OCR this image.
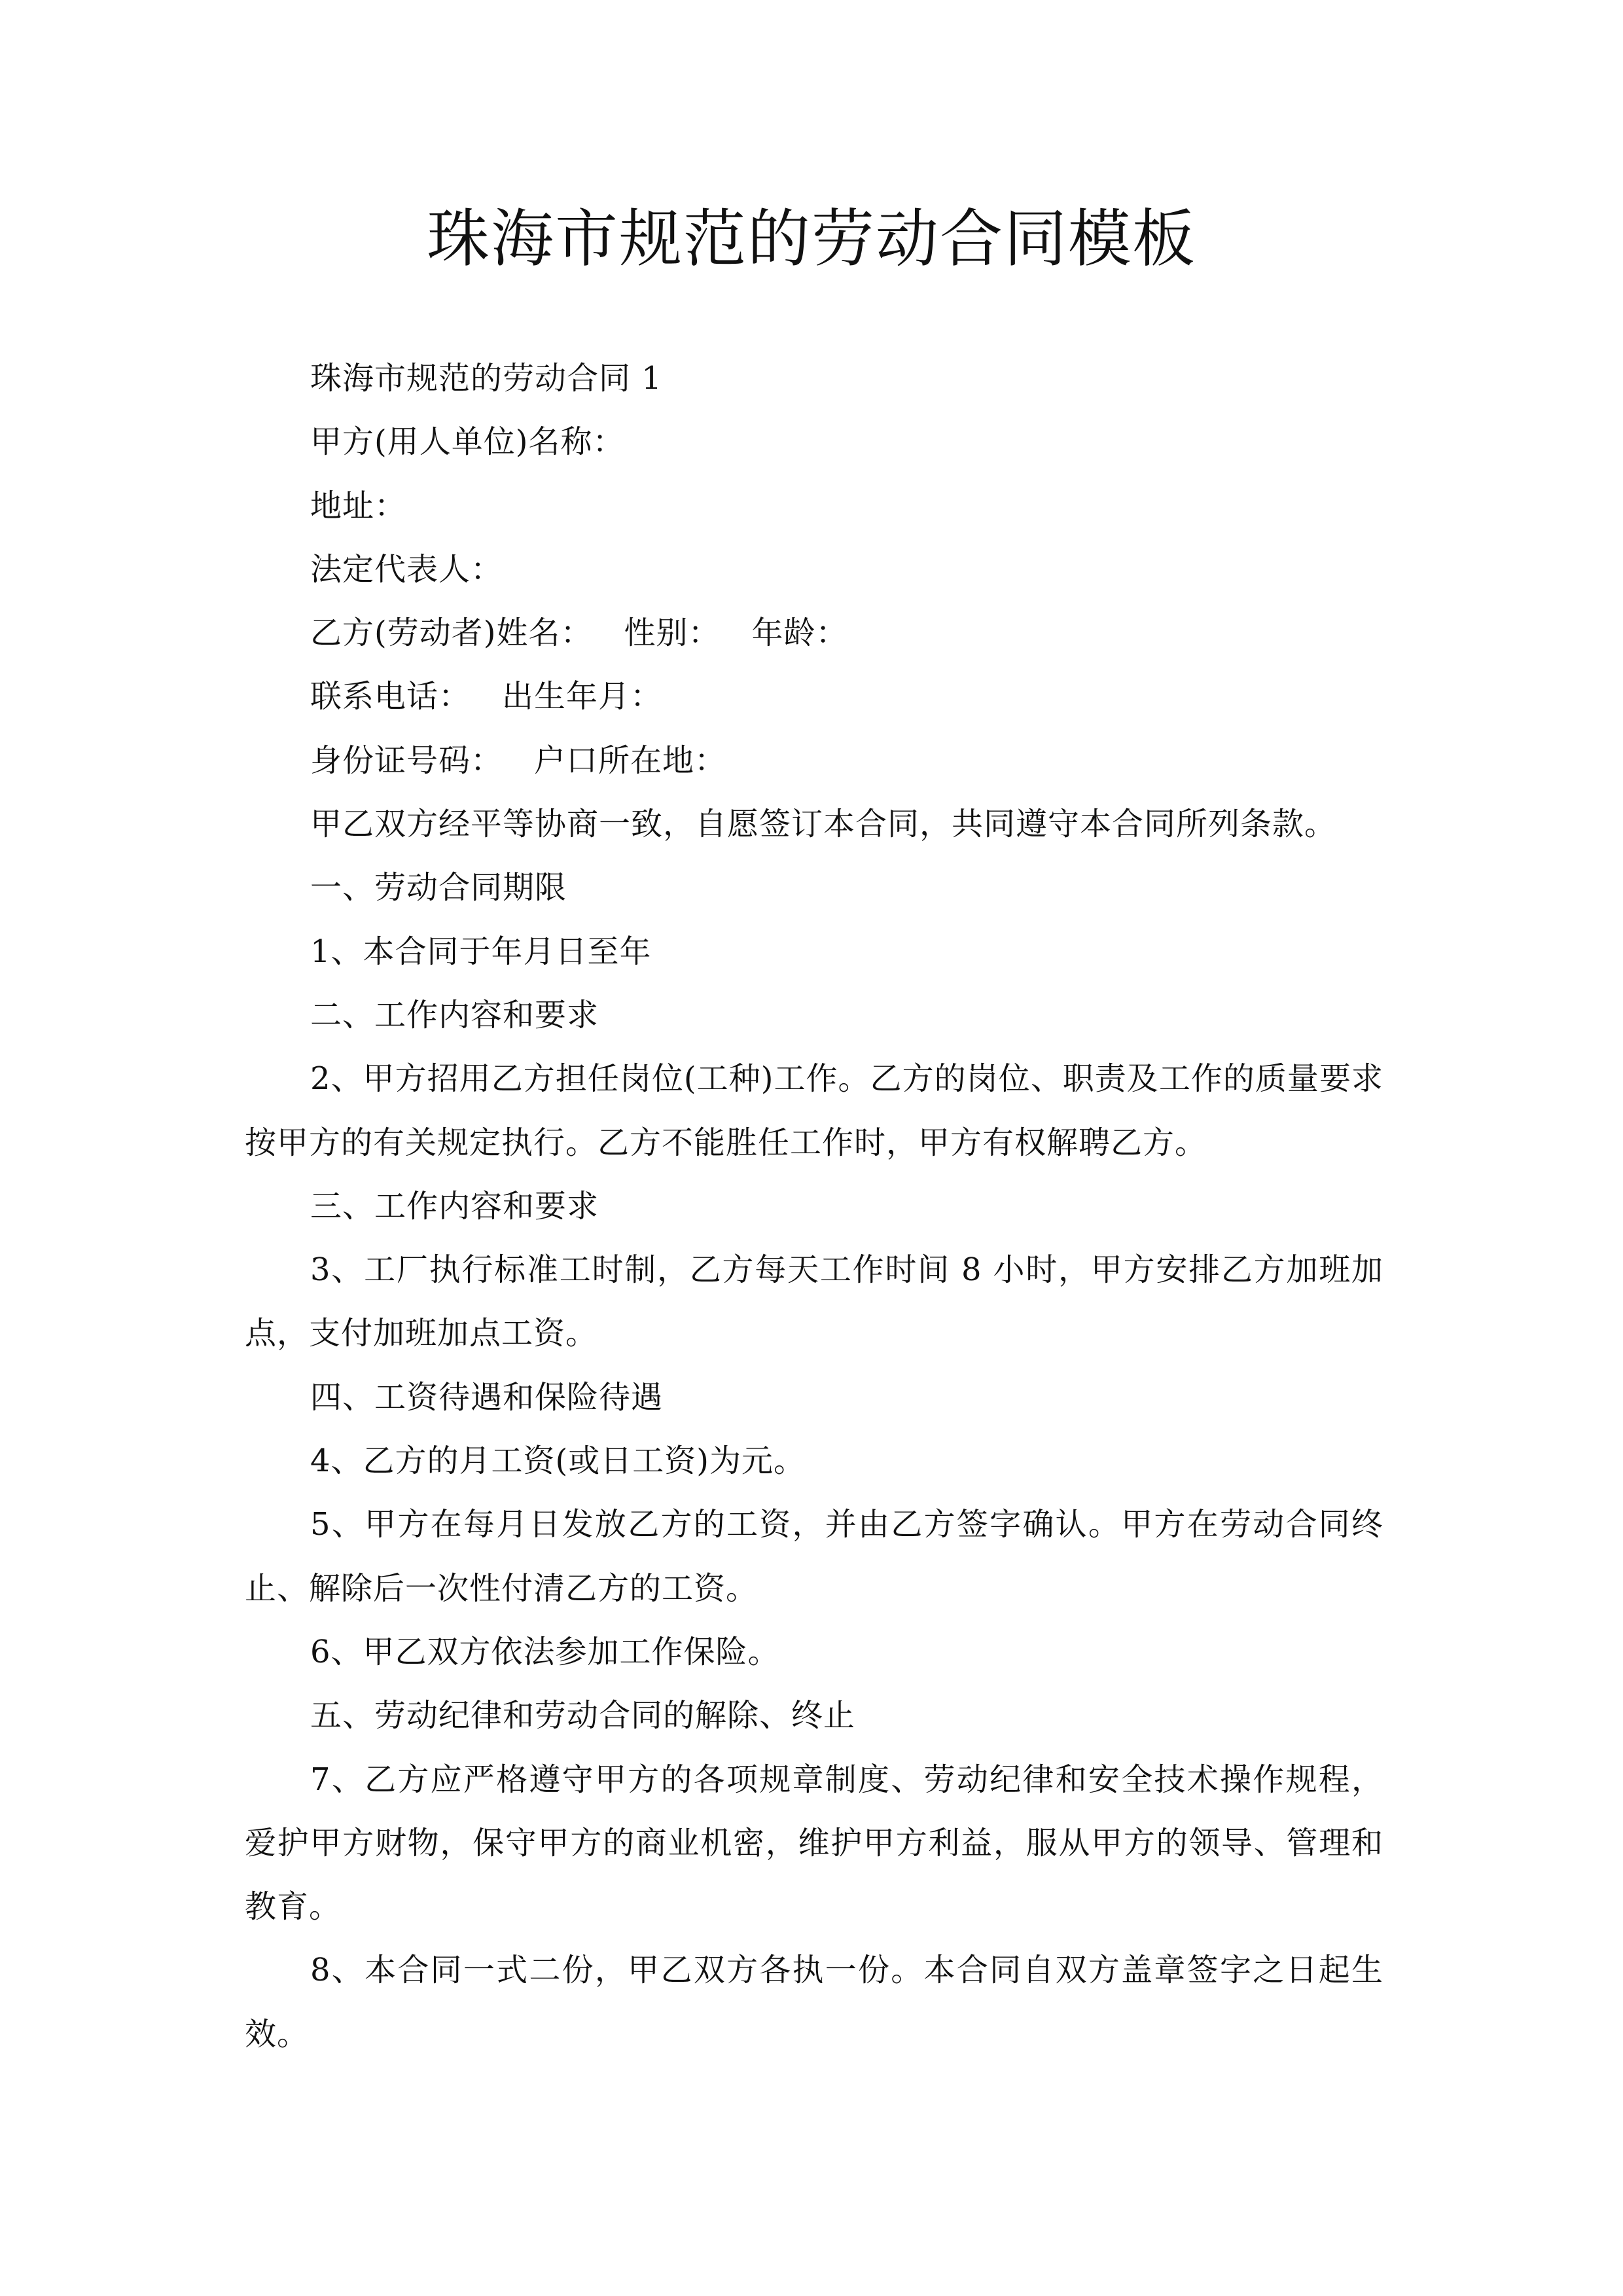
珠海市规范的劳动合同模板

珠海市规范的劳动合同 1

甲方(用人单位)名称：

地址：

法定代表人：

乙方(劳动者)姓名： 性别： 年龄：

联系电话： 出生年月：

身份证号码： 户口所在地：

甲乙双方经平等协商一致，自愿签订本合同，共同遵守本合同所列条款。

一、劳动合同期限

1、本合同于年月日至年

二、工作内容和要求

2、甲方招用乙方担任岗位(工种)工作。乙方的岗位、职责及工作的质量要求按甲方的有关规定执行。乙方不能胜任工作时，甲方有权解聘乙方。

三、工作内容和要求

3、工厂执行标准工时制，乙方每天工作时间 8 小时，甲方安排乙方加班加点，支付加班加点工资。

四、工资待遇和保险待遇

4、乙方的月工资(或日工资)为元。

5、甲方在每月日发放乙方的工资，并由乙方签字确认。甲方在劳动合同终止、解除后一次性付清乙方的工资。

6、甲乙双方依法参加工作保险。

五、劳动纪律和劳动合同的解除、终止

7、乙方应严格遵守甲方的各项规章制度、劳动纪律和安全技术操作规程，爱护甲方财物，保守甲方的商业机密，维护甲方利益，服从甲方的领导、管理和教育。

8、本合同一式二份，甲乙双方各执一份。本合同自双方盖章签字之日起生效。
